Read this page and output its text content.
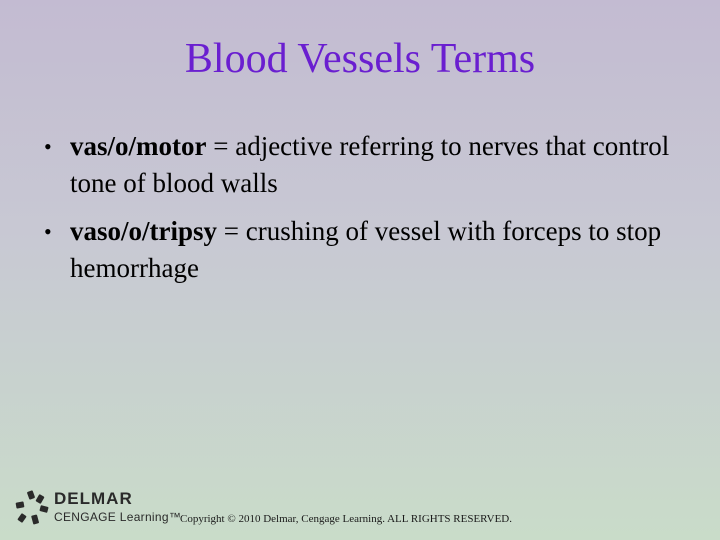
Blood Vessels Terms
• vas/o/motor = adjective referring to nerves that control tone of blood walls
• vaso/o/tripsy = crushing of vessel with forceps to stop hemorrhage
DELMAR
CENGAGE Learning™
Copyright © 2010 Delmar, Cengage Learning. ALL RIGHTS RESERVED.
